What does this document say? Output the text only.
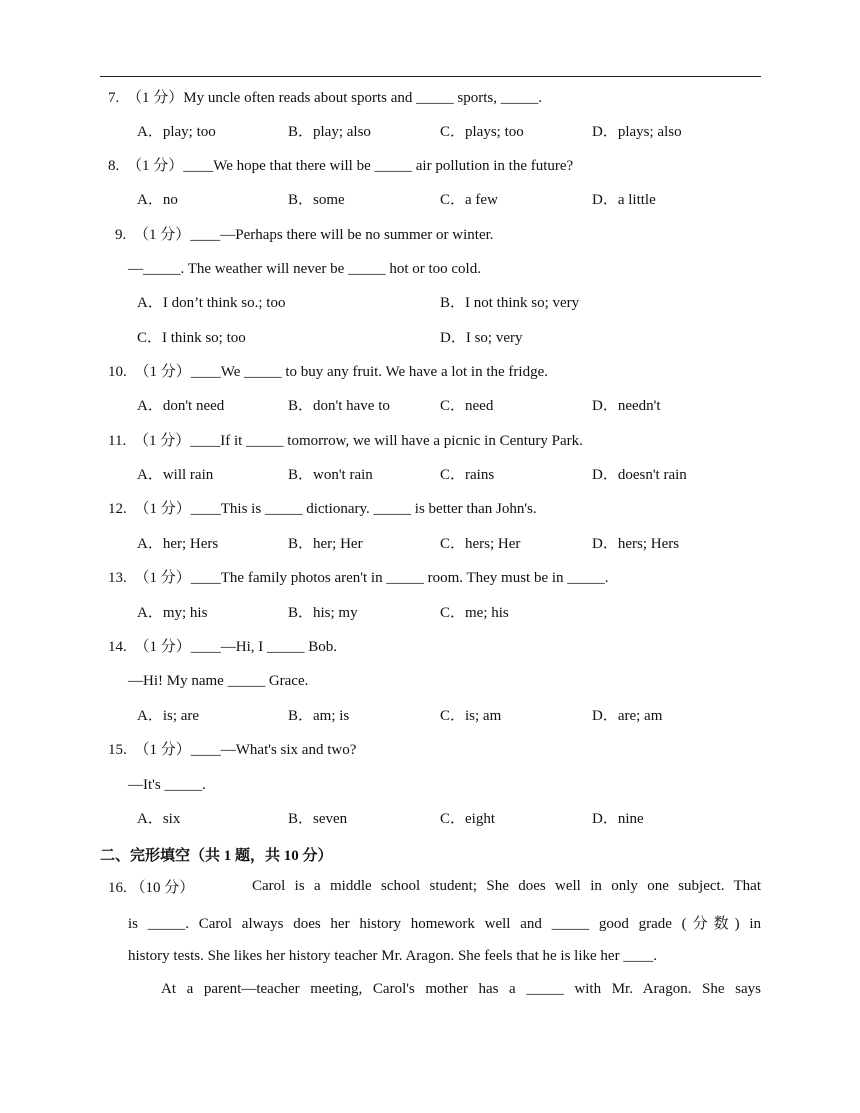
7. （1 分）My uncle often reads about sports and _____ sports, _____.
A．play; too	B．play; also	C．plays; too	D．plays; also
8. （1 分）____We hope that there will be _____ air pollution in the future?
A．no	B．some	C．a few	D．a little
9. （1 分）____—Perhaps there will be no summer or winter.
—_____. The weather will never be _____ hot or too cold.
A．I don’t think so.; too	B．I not think so; very
C．I think so; too	D．I so; very
10. （1 分）____We _____ to buy any fruit. We have a lot in the fridge.
A．don't need	B．don't have to	C．need	D．needn't
11. （1 分）____If it _____ tomorrow, we will have a picnic in Century Park.
A．will rain	B．won't rain	C．rains	D．doesn't rain
12. （1 分）____This is _____ dictionary. _____ is better than John's.
A．her; Hers	B．her; Her	C．hers; Her	D．hers; Hers
13. （1 分）____The family photos aren't in _____ room. They must be in _____.
A．my; his	B．his; my	C．me; his
14. （1 分）____—Hi, I _____ Bob.
—Hi! My name _____ Grace.
A．is; are	B．am; is	C．is; am	D．are; am
15. （1 分）____—What's six and two?
—It's _____.
A．six	B．seven	C．eight	D．nine
二、完形填空（共 1 题，共 10 分）
16. （10 分）	Carol is a middle school student; She does well in only one subject. That
is _____. Carol always does her history homework well and _____ good grade (分数) in
history tests. She likes her history teacher Mr. Aragon. She feels that he is like her ____.
At a parent—teacher meeting, Carol's mother has a _____ with Mr. Aragon. She says
